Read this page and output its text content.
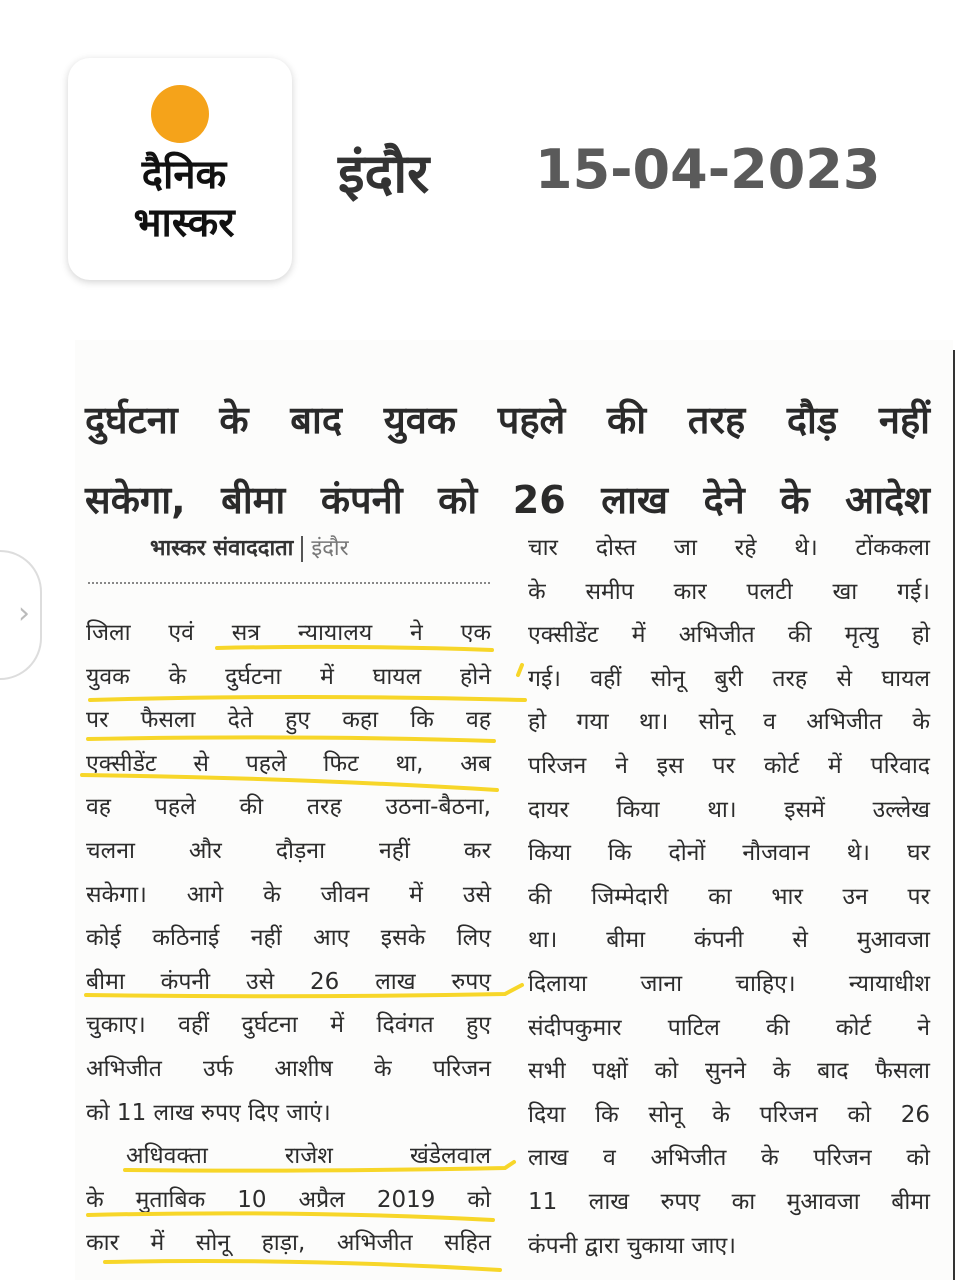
दैनिक
भास्कर
इंदौर 15-04-2023
›
दुर्घटना के बाद युवक पहले की तरह दौड़ नहीं
सकेगा, बीमा कंपनी को 26 लाख देने के आदेश
भास्कर संवाददाता इंदौर
जिला एवं सत्र न्यायालय ने एक
युवक के दुर्घटना में घायल होने
पर फैसला देते हुए कहा कि वह
एक्सीडेंट से पहले फिट था, अब
वह पहले की तरह उठना-बैठना,
चलना और दौड़ना नहीं कर
सकेगा। आगे के जीवन में उसे
कोई कठिनाई नहीं आए इसके लिए
बीमा कंपनी उसे 26 लाख रुपए
चुकाए। वहीं दुर्घटना में दिवंगत हुए
अभिजीत उर्फ आशीष के परिजन
को 11 लाख रुपए दिए जाएं।
अधिवक्ता राजेश खंडेलवाल
के मुताबिक 10 अप्रैल 2019 को
कार में सोनू हाड़ा, अभिजीत सहित
चार दोस्त जा रहे थे। टोंककला
के समीप कार पलटी खा गई।
एक्सीडेंट में अभिजीत की मृत्यु हो
गई। वहीं सोनू बुरी तरह से घायल
हो गया था। सोनू व अभिजीत के
परिजन ने इस पर कोर्ट में परिवाद
दायर किया था। इसमें उल्लेख
किया कि दोनों नौजवान थे। घर
की जिम्मेदारी का भार उन पर
था। बीमा कंपनी से मुआवजा
दिलाया जाना चाहिए। न्यायाधीश
संदीपकुमार पाटिल की कोर्ट ने
सभी पक्षों को सुनने के बाद फैसला
दिया कि सोनू के परिजन को 26
लाख व अभिजीत के परिजन को
11 लाख रुपए का मुआवजा बीमा
कंपनी द्वारा चुकाया जाए।
